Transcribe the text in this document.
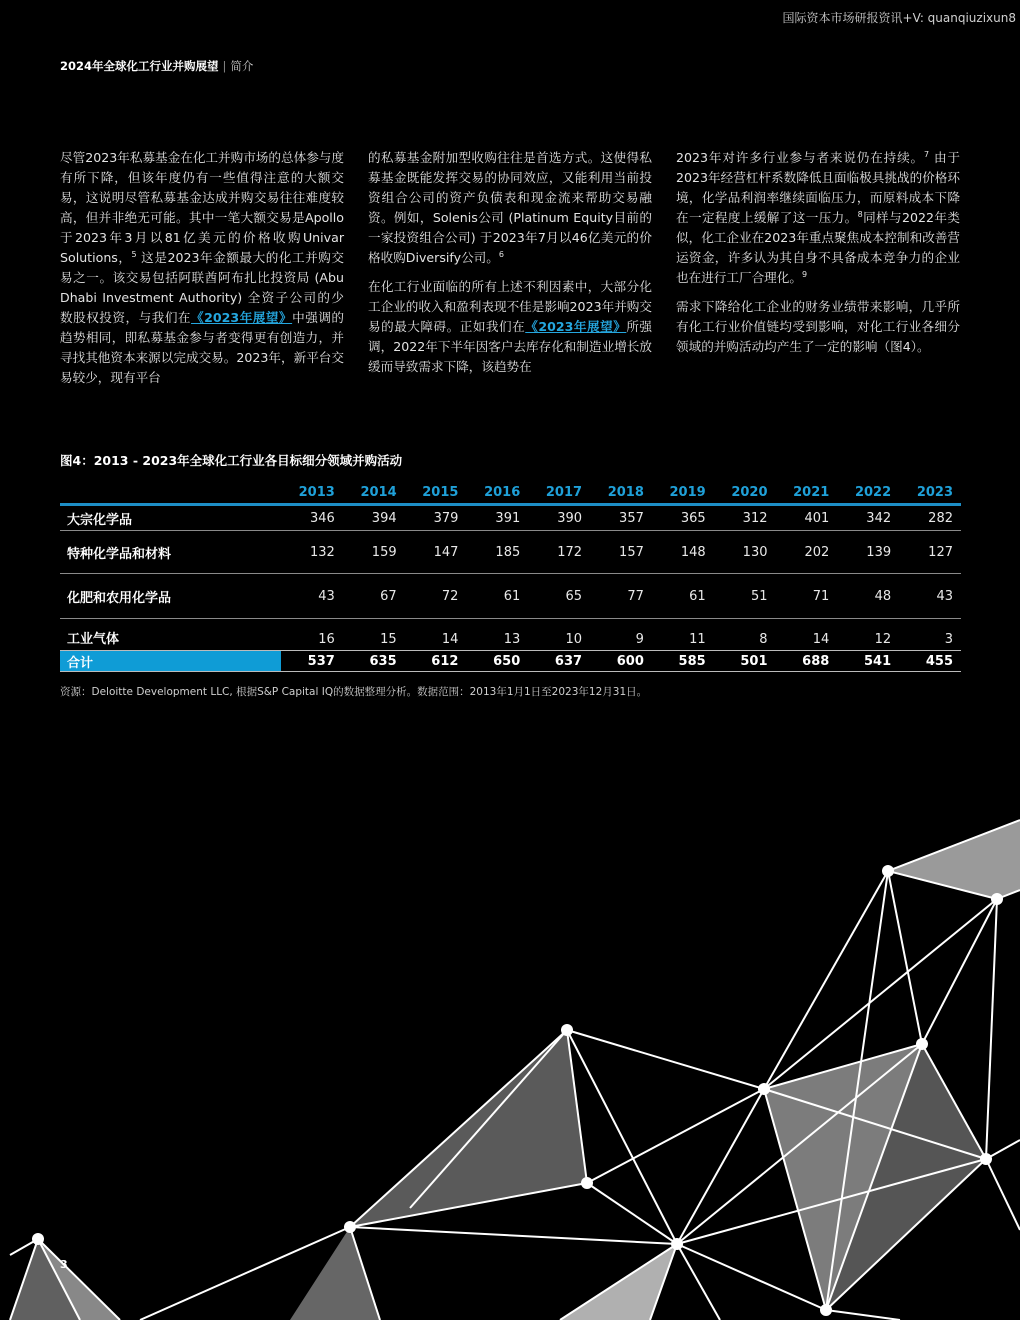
国际资本市场研报资讯+V: quanqiuzixun8
2024年全球化工行业并购展望 | 简介

尽管2023年私募基金在化工并购市场的总体参与度有所下降，但该年度仍有一些值得注意的大额交易，这说明尽管私募基金达成并购交易往往难度较高，但并非绝无可能。其中一笔大额交易是Apollo于2023年3月以81亿美元的价格收购Univar Solutions，$^5$ 这是2023年金额最大的化工并购交易之一。该交易包括阿联酋阿布扎比投资局 (Abu Dhabi Investment Authority) 全资子公司的少数股权投资，与我们在《2023年展望》中强调的趋势相同，即私募基金参与者变得更有创造力，并寻找其他资本来源以完成交易。2023年，新平台交易较少，现有平台

的私募基金附加型收购往往是首选方式。这使得私募基金既能发挥交易的协同效应，又能利用当前投资组合公司的资产负债表和现金流来帮助交易融资。例如，Solenis公司 (Platinum Equity目前的一家投资组合公司) 于2023年7月以46亿美元的价格收购Diversify公司。$^6$

在化工行业面临的所有上述不利因素中，大部分化工企业的收入和盈利表现不佳是影响2023年并购交易的最大障碍。正如我们在《2023年展望》所强调，2022年下半年因客户去库存化和制造业增长放缓而导致需求下降，该趋势在

2023年对许多行业参与者来说仍在持续。$^7$ 由于2023年经营杠杆系数降低且面临极具挑战的价格环境，化学品利润率继续面临压力，而原料成本下降在一定程度上缓解了这一压力。$^8$同样与2022年类似，化工企业在2023年重点聚焦成本控制和改善营运资金，许多认为其自身不具备成本竞争力的企业也在进行工厂合理化。$^9$

需求下降给化工企业的财务业绩带来影响，几乎所有化工行业价值链均受到影响，对化工行业各细分领域的并购活动均产生了一定的影响（图4）。

图4：2013 - 2023年全球化工行业各目标细分领域并购活动
	2013	2014	2015	2016	2017	2018	2019	2020	2021	2022	2023
大宗化学品	346	394	379	391	390	357	365	312	401	342	282
特种化学品和材料	132	159	147	185	172	157	148	130	202	139	127
化肥和农用化学品	43	67	72	61	65	77	61	51	71	48	43
工业气体	16	15	14	13	10	9	11	8	14	12	3
合计	537	635	612	650	637	600	585	501	688	541	455
资源：Deloitte Development LLC, 根据S&P Capital IQ的数据整理分析。数据范围：2013年1月1日至2023年12月31日。
3
